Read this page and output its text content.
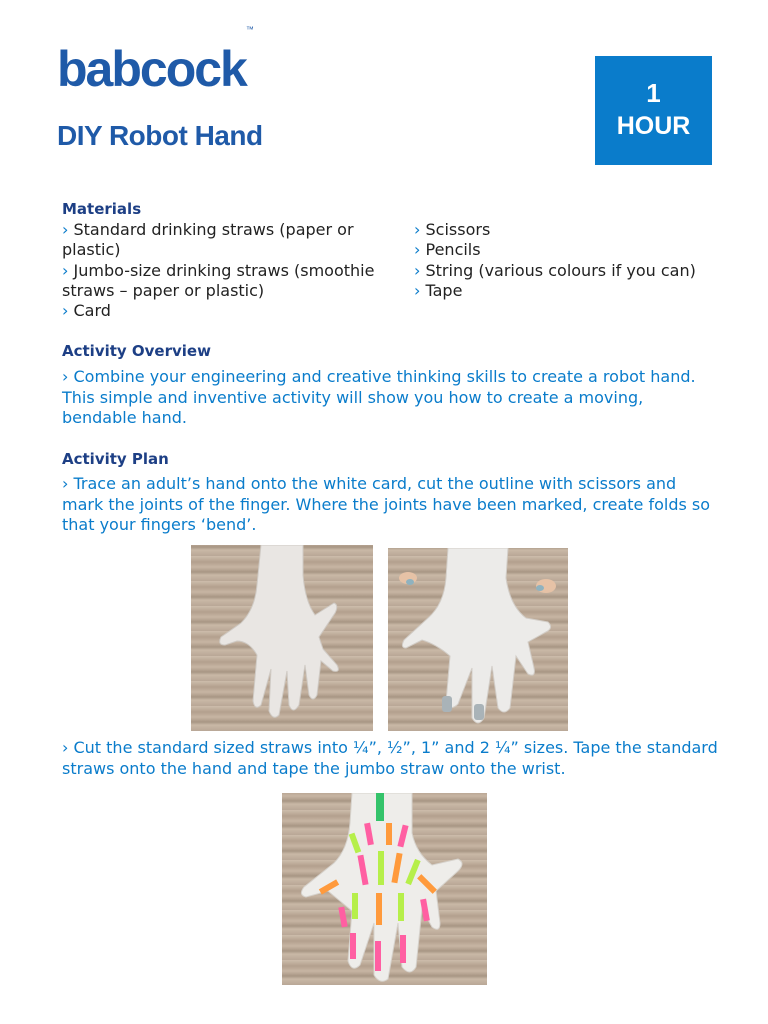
babcock™
DIY Robot Hand
1
HOUR
Materials
› Standard drinking straws (paper or plastic)
› Jumbo-size drinking straws (smoothie straws – paper or plastic)
› Card
› Scissors
› Pencils
› String (various colours if you can)
› Tape
Activity Overview
› Combine your engineering and creative thinking skills to create a robot hand. This simple and inventive activity will show you how to create a moving, bendable hand.
Activity Plan
› Trace an adult’s hand onto the white card, cut the outline with scissors and mark the joints of the finger. Where the joints have been marked, create folds so that your fingers ‘bend’.
› Cut the standard sized straws into ¼”, ½”, 1” and 2 ¼” sizes. Tape the standard straws onto the hand and tape the jumbo straw onto the wrist.
